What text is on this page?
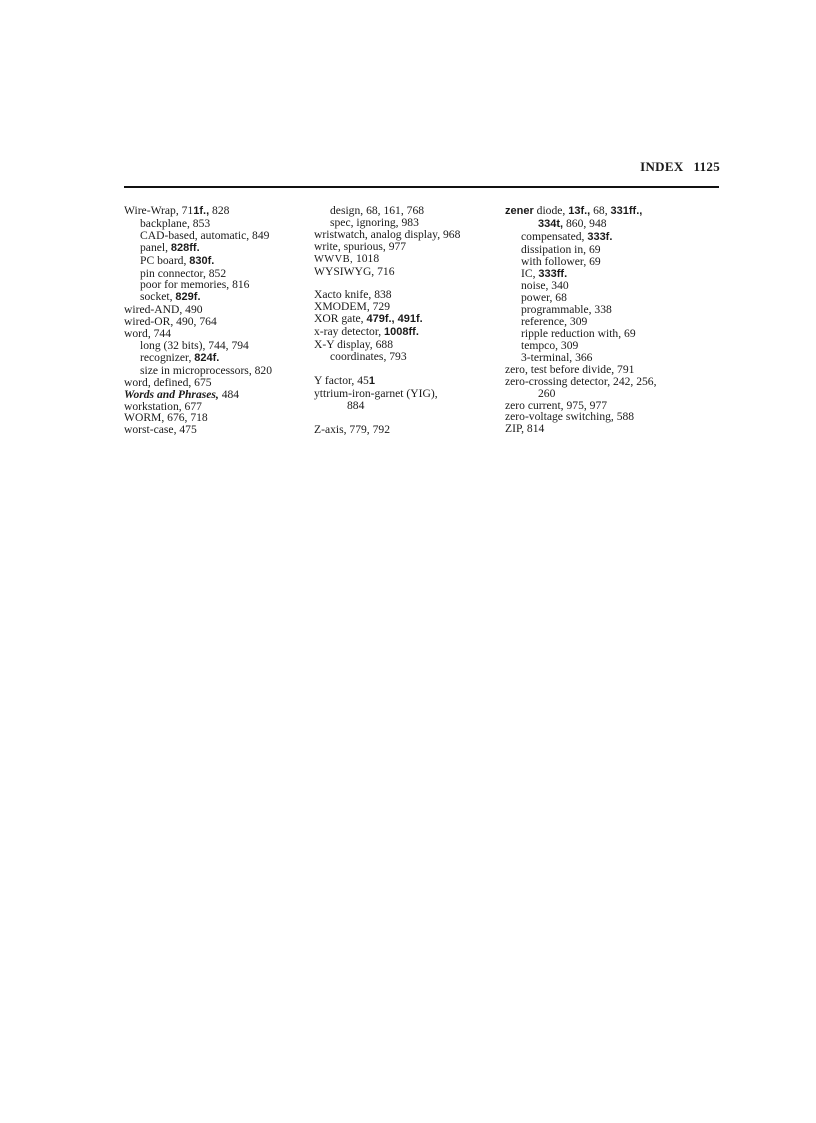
INDEX 1125
Wire-Wrap, 711f., 828
backplane, 853
CAD-based, automatic, 849
panel, 828ff.
PC board, 830f.
pin connector, 852
poor for memories, 816
socket, 829f.
wired-AND, 490
wired-OR, 490, 764
word, 744
long (32 bits), 744, 794
recognizer, 824f.
size in microprocessors, 820
word, defined, 675
Words and Phrases, 484
workstation, 677
WORM, 676, 718
worst-case, 475
design, 68, 161, 768
spec, ignoring, 983
wristwatch, analog display, 968
write, spurious, 977
WWVB, 1018
WYSIWYG, 716
Xacto knife, 838
XMODEM, 729
XOR gate, 479f., 491f.
x-ray detector, 1008ff.
X-Y display, 688
coordinates, 793
Y factor, 451
yttrium-iron-garnet (YIG),
884
Z-axis, 779, 792
zener diode, 13f., 68, 331ff.,
334t, 860, 948
compensated, 333f.
dissipation in, 69
with follower, 69
IC, 333ff.
noise, 340
power, 68
programmable, 338
reference, 309
ripple reduction with, 69
tempco, 309
3-terminal, 366
zero, test before divide, 791
zero-crossing detector, 242, 256,
260
zero current, 975, 977
zero-voltage switching, 588
ZIP, 814
